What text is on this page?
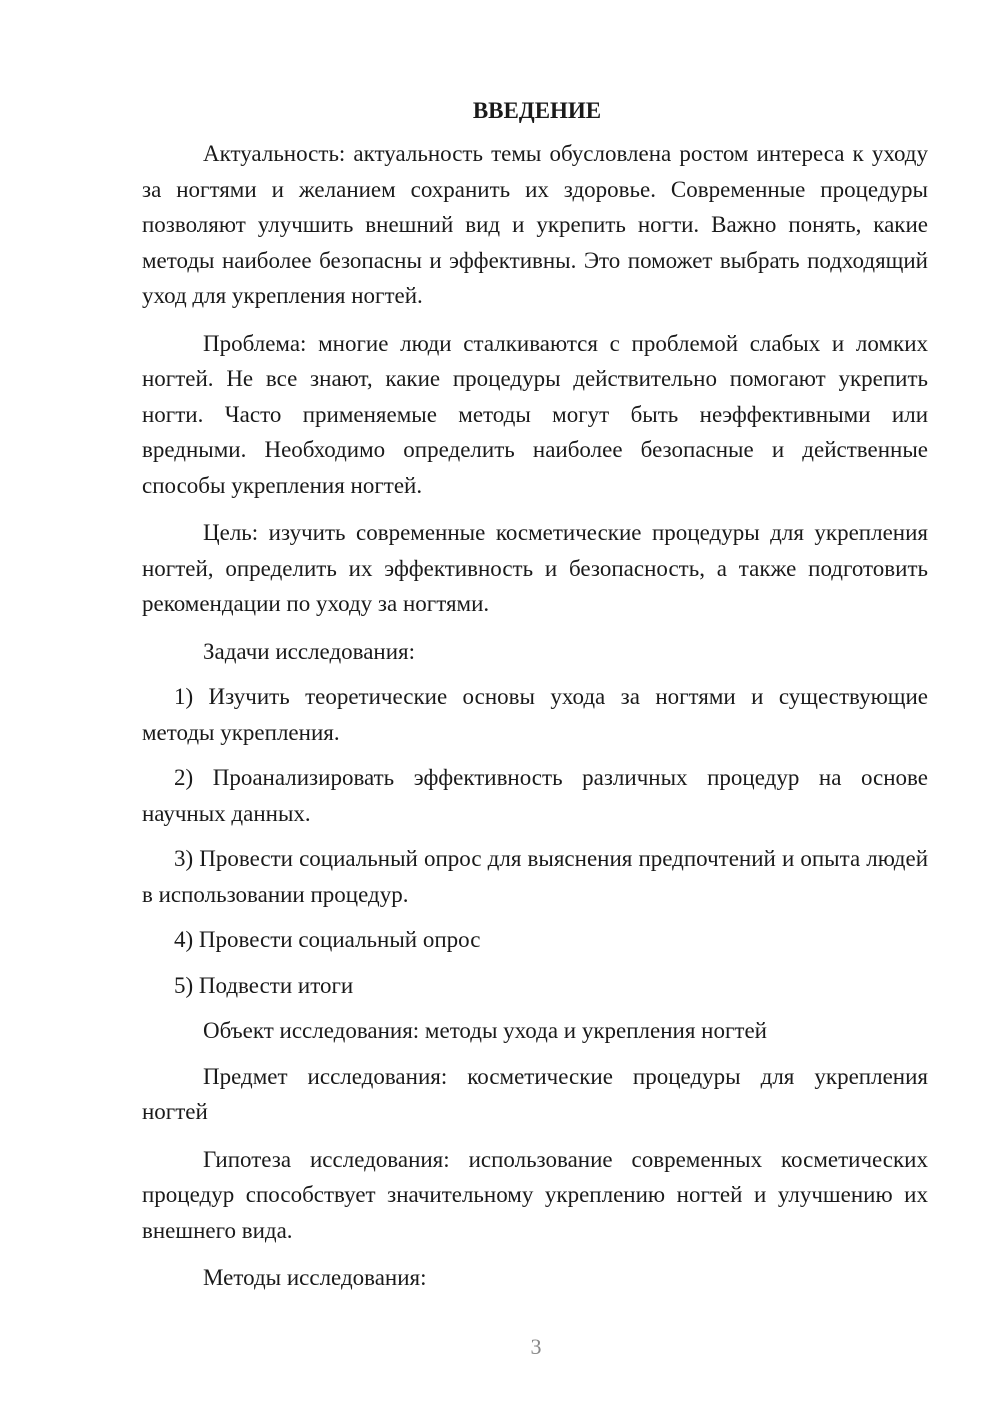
ВВЕДЕНИЕ

Актуальность: актуальность темы обусловлена ростом интереса к уходу за ногтями и желанием сохранить их здоровье. Современные процедуры позволяют улучшить внешний вид и укрепить ногти. Важно понять, какие методы наиболее безопасны и эффективны. Это поможет выбрать подходящий уход для укрепления ногтей.

Проблема: многие люди сталкиваются с проблемой слабых и ломких ногтей. Не все знают, какие процедуры действительно помогают укрепить ногти. Часто применяемые методы могут быть неэффективными или вредными. Необходимо определить наиболее безопасные и действенные способы укрепления ногтей.

Цель: изучить современные косметические процедуры для укрепления ногтей, определить их эффективность и безопасность, а также подготовить рекомендации по уходу за ногтями.

Задачи исследования:

1) Изучить теоретические основы ухода за ногтями и существующие методы укрепления.

2) Проанализировать эффективность различных процедур на основе научных данных.

3) Провести социальный опрос для выяснения предпочтений и опыта людей в использовании процедур.

4) Провести социальный опрос

5) Подвести итоги

Объект исследования: методы ухода и укрепления ногтей

Предмет исследования: косметические процедуры для укрепления ногтей

Гипотеза исследования: использование современных косметических процедур способствует значительному укреплению ногтей и улучшению их внешнего вида.

Методы исследования:

3
